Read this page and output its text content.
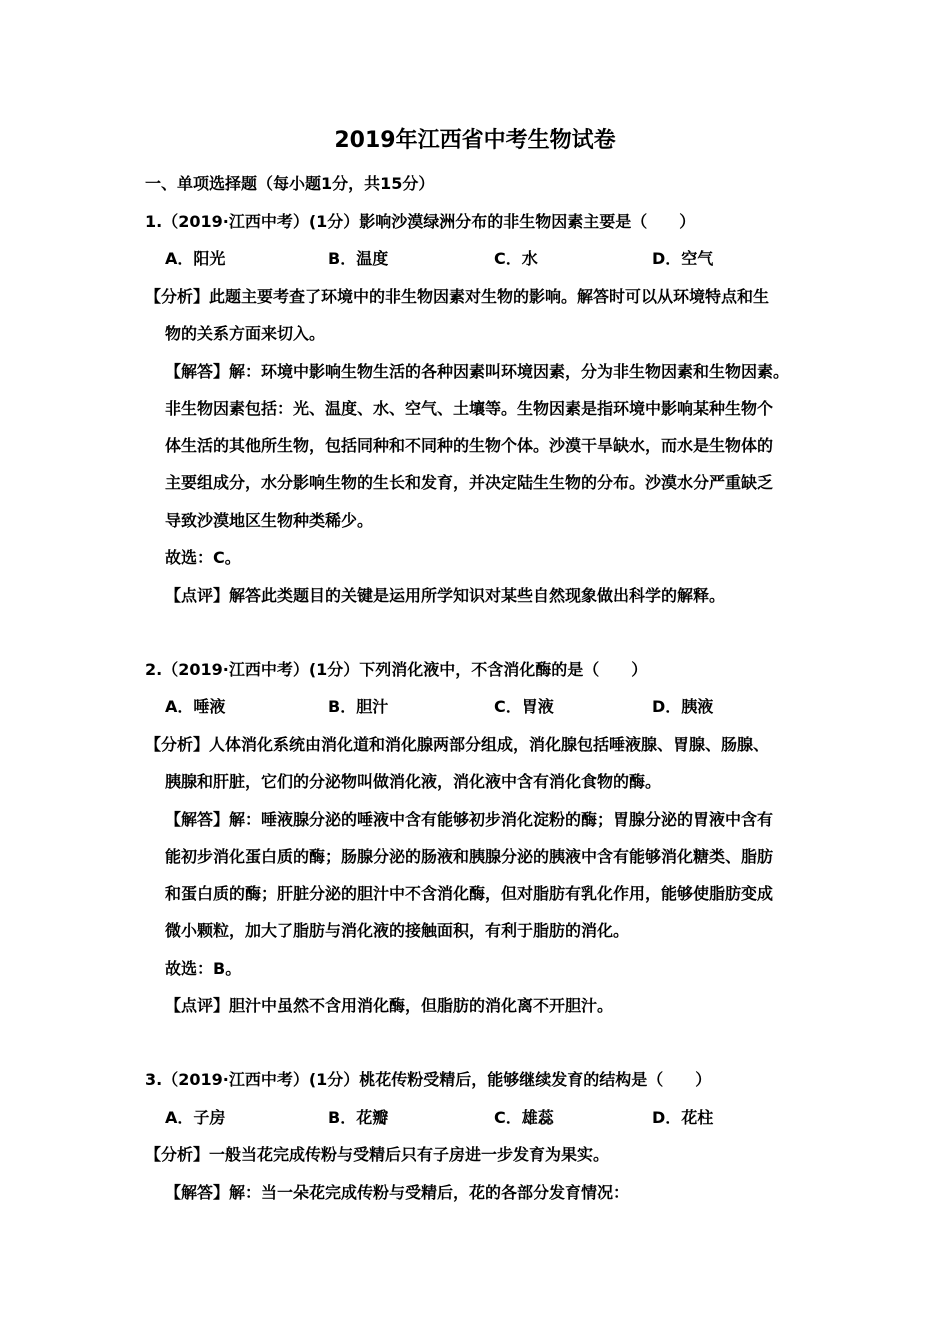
2019年江西省中考生物试卷
一、单项选择题（每小题1分，共15分）
1.（2019·江西中考）(1分）影响沙漠绿洲分布的非生物因素主要是（　　）
A．阳光	B．温度	C．水	D．空气
【分析】此题主要考查了环境中的非生物因素对生物的影响。解答时可以从环境特点和生
物的关系方面来切入。
【解答】解：环境中影响生物生活的各种因素叫环境因素，分为非生物因素和生物因素。
非生物因素包括：光、温度、水、空气、土壤等。生物因素是指环境中影响某种生物个
体生活的其他所生物，包括同种和不同种的生物个体。沙漠干旱缺水，而水是生物体的
主要组成分，水分影响生物的生长和发育，并决定陆生生物的分布。沙漠水分严重缺乏
导致沙漠地区生物种类稀少。
故选：C。
【点评】解答此类题目的关键是运用所学知识对某些自然现象做出科学的解释。
2.（2019·江西中考）(1分）下列消化液中，不含消化酶的是（　　）
A．唾液	B．胆汁	C．胃液	D．胰液
【分析】人体消化系统由消化道和消化腺两部分组成，消化腺包括唾液腺、胃腺、肠腺、
胰腺和肝脏，它们的分泌物叫做消化液，消化液中含有消化食物的酶。
【解答】解：唾液腺分泌的唾液中含有能够初步消化淀粉的酶；胃腺分泌的胃液中含有
能初步消化蛋白质的酶；肠腺分泌的肠液和胰腺分泌的胰液中含有能够消化糖类、脂肪
和蛋白质的酶；肝脏分泌的胆汁中不含消化酶，但对脂肪有乳化作用，能够使脂肪变成
微小颗粒，加大了脂肪与消化液的接触面积，有利于脂肪的消化。
故选：B。
【点评】胆汁中虽然不含用消化酶，但脂肪的消化离不开胆汁。
3.（2019·江西中考）(1分）桃花传粉受精后，能够继续发育的结构是（　　）
A．子房	B．花瓣	C．雄蕊	D．花柱
【分析】一般当花完成传粉与受精后只有子房进一步发育为果实。
【解答】解：当一朵花完成传粉与受精后，花的各部分发育情况：
